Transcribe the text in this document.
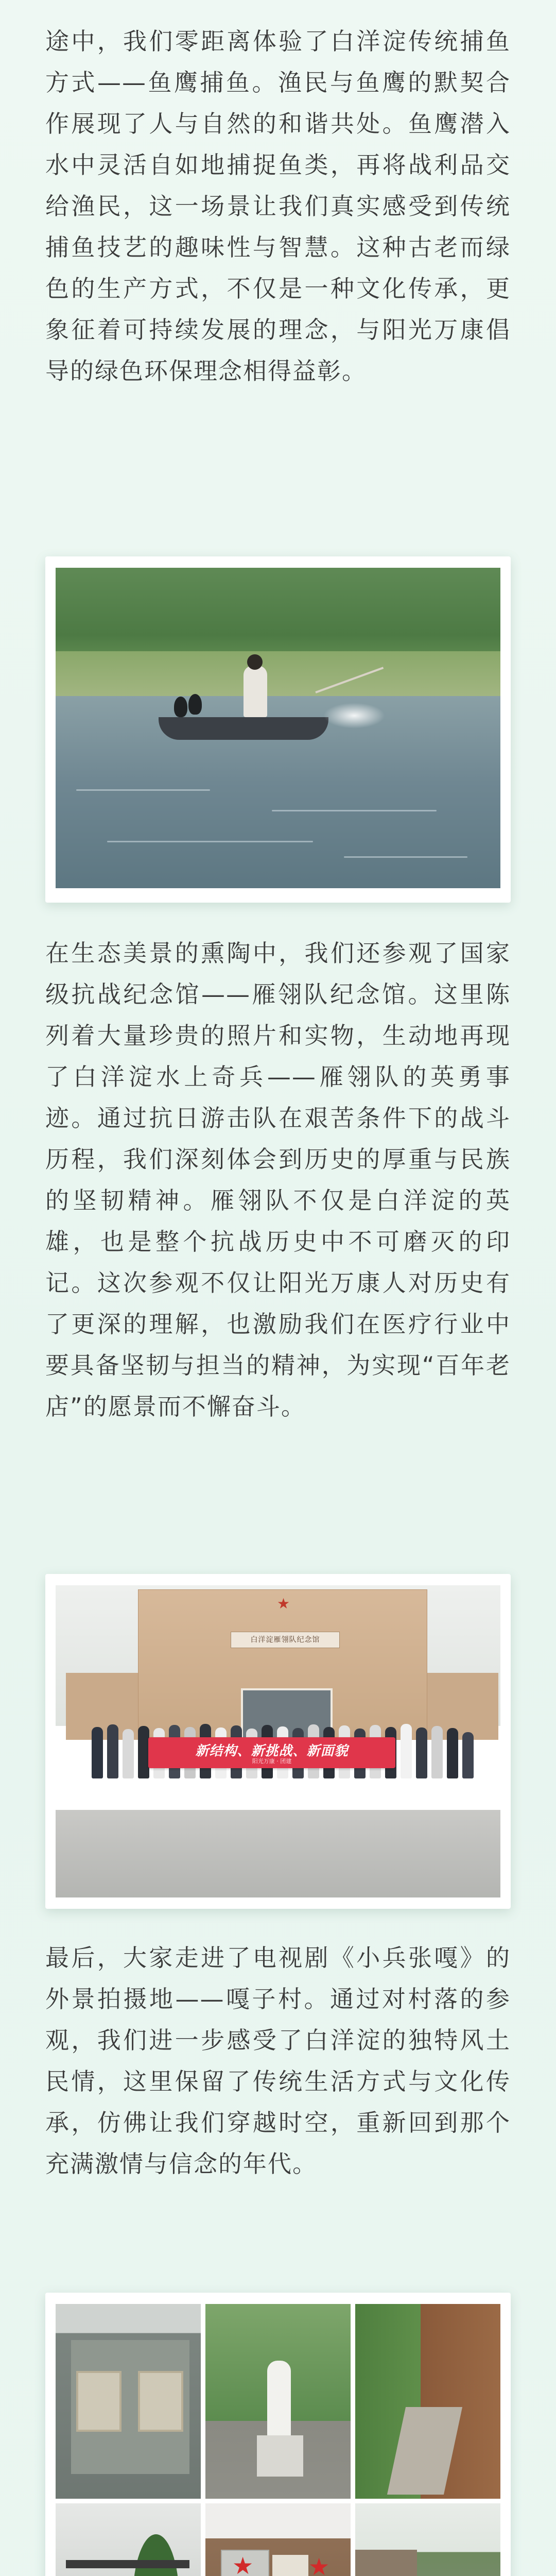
途中，我们零距离体验了白洋淀传统捕鱼方式——鱼鹰捕鱼。渔民与鱼鹰的默契合作展现了人与自然的和谐共处。鱼鹰潜入水中灵活自如地捕捉鱼类，再将战利品交给渔民，这一场景让我们真实感受到传统捕鱼技艺的趣味性与智慧。这种古老而绿色的生产方式，不仅是一种文化传承，更象征着可持续发展的理念，与阳光万康倡导的绿色环保理念相得益彰。

在生态美景的熏陶中，我们还参观了国家级抗战纪念馆——雁翎队纪念馆。这里陈列着大量珍贵的照片和实物，生动地再现了白洋淀水上奇兵——雁翎队的英勇事迹。通过抗日游击队在艰苦条件下的战斗历程，我们深刻体会到历史的厚重与民族的坚韧精神。雁翎队不仅是白洋淀的英雄，也是整个抗战历史中不可磨灭的印记。这次参观不仅让阳光万康人对历史有了更深的理解，也激励我们在医疗行业中要具备坚韧与担当的精神，为实现“百年老店”的愿景而不懈奋斗。

★
白洋淀雁翎队纪念馆
新结构、新挑战、新面貌
阳光万康 · 团建

最后，大家走进了电视剧《小兵张嘎》的外景拍摄地——嘎子村。通过对村落的参观，我们进一步感受了白洋淀的独特风土民情，这里保留了传统生活方式与文化传承，仿佛让我们穿越时空，重新回到那个充满激情与信念的年代。

★ ★
